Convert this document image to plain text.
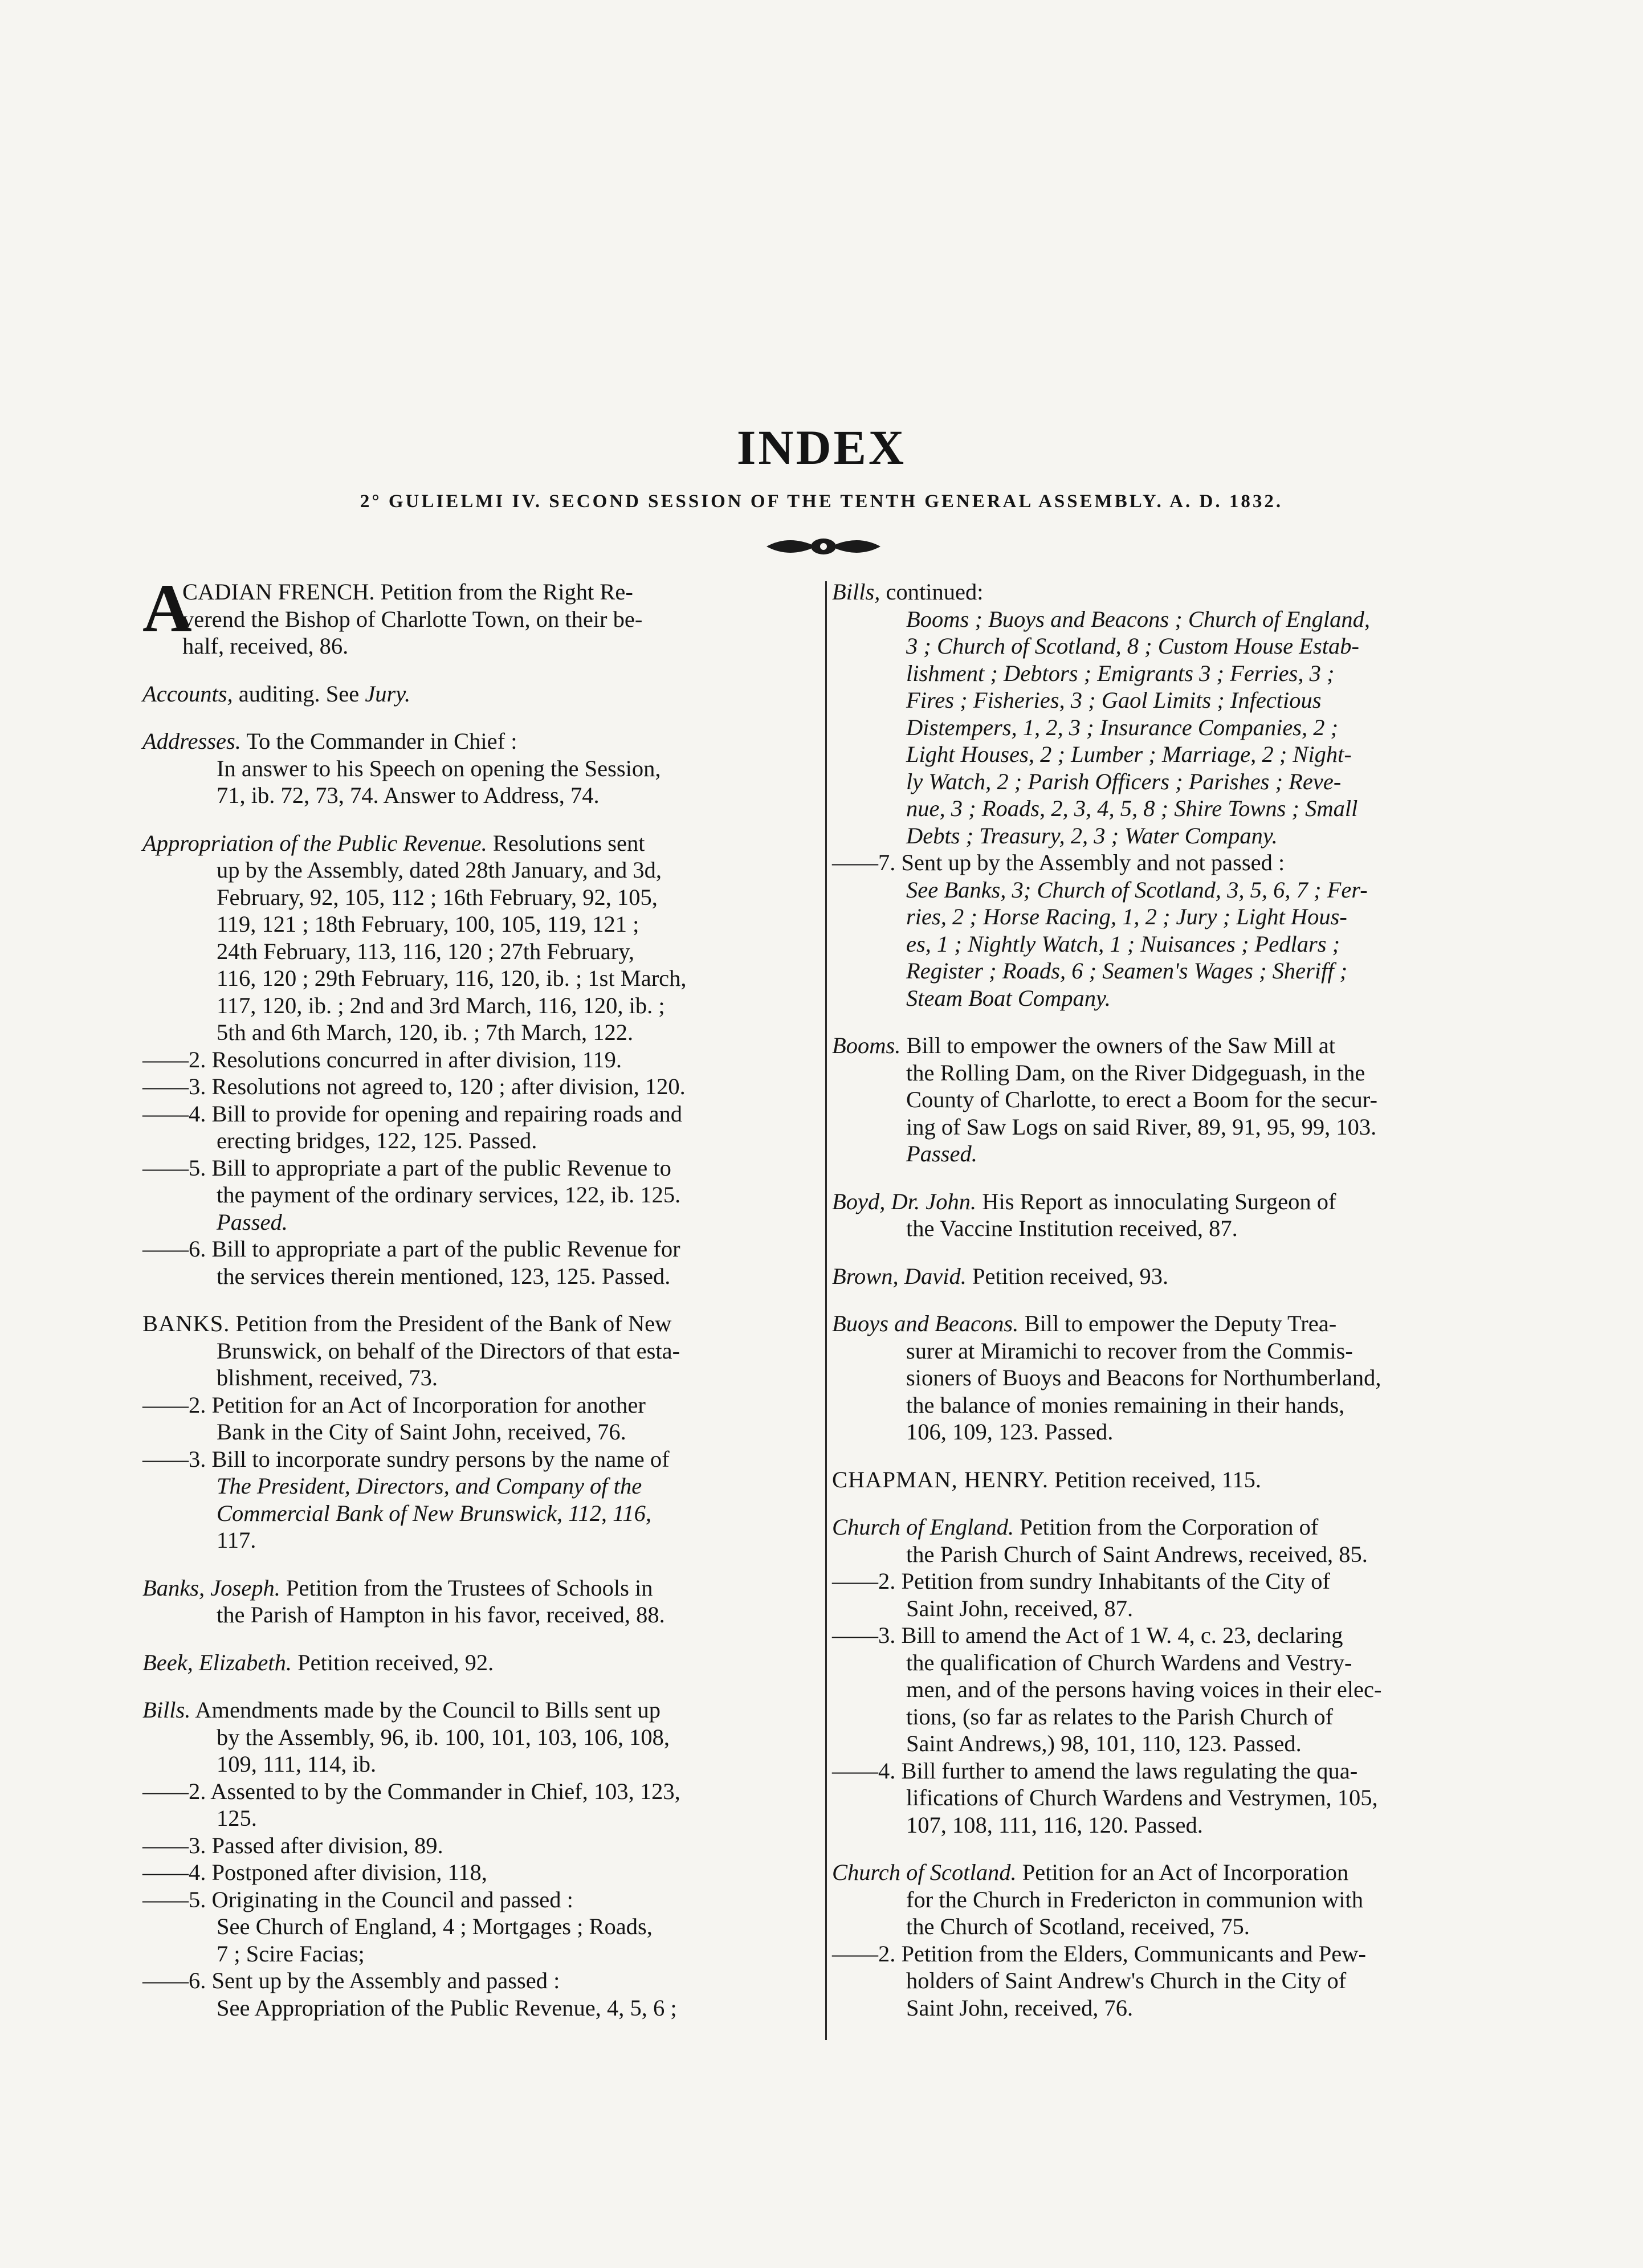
INDEX
2° GULIELMI IV. SECOND SESSION OF THE TENTH GENERAL ASSEMBLY. A. D. 1832.
A
CADIAN FRENCH. Petition from the Right Re-
verend the Bishop of Charlotte Town, on their be-
half, received, 86.
Accounts, auditing. See Jury.
Addresses. To the Commander in Chief :
In answer to his Speech on opening the Session,
71, ib. 72, 73, 74. Answer to Address, 74.
Appropriation of the Public Revenue. Resolutions sent
up by the Assembly, dated 28th January, and 3d,
February, 92, 105, 112 ; 16th February, 92, 105,
119, 121 ; 18th February, 100, 105, 119, 121 ;
24th February, 113, 116, 120 ; 27th February,
116, 120 ; 29th February, 116, 120, ib. ; 1st March,
117, 120, ib. ; 2nd and 3rd March, 116, 120, ib. ;
5th and 6th March, 120, ib. ; 7th March, 122.
——2. Resolutions concurred in after division, 119.
——3. Resolutions not agreed to, 120 ; after division, 120.
——4. Bill to provide for opening and repairing roads and
erecting bridges, 122, 125. Passed.
——5. Bill to appropriate a part of the public Revenue to
the payment of the ordinary services, 122, ib. 125.
Passed.
——6. Bill to appropriate a part of the public Revenue for
the services therein mentioned, 123, 125. Passed.
BANKS. Petition from the President of the Bank of New
Brunswick, on behalf of the Directors of that esta-
blishment, received, 73.
——2. Petition for an Act of Incorporation for another
Bank in the City of Saint John, received, 76.
——3. Bill to incorporate sundry persons by the name of
The President, Directors, and Company of the
Commercial Bank of New Brunswick, 112, 116,
117.
Banks, Joseph. Petition from the Trustees of Schools in
the Parish of Hampton in his favor, received, 88.
Beek, Elizabeth. Petition received, 92.
Bills. Amendments made by the Council to Bills sent up
by the Assembly, 96, ib. 100, 101, 103, 106, 108,
109, 111, 114, ib.
——2. Assented to by the Commander in Chief, 103, 123,
125.
——3. Passed after division, 89.
——4. Postponed after division, 118,
——5. Originating in the Council and passed :
See Church of England, 4 ; Mortgages ; Roads,
7 ; Scire Facias;
——6. Sent up by the Assembly and passed :
See Appropriation of the Public Revenue, 4, 5, 6 ;
Bills, continued:
Booms ; Buoys and Beacons ; Church of England,
3 ; Church of Scotland, 8 ; Custom House Estab-
lishment ; Debtors ; Emigrants 3 ; Ferries, 3 ;
Fires ; Fisheries, 3 ; Gaol Limits ; Infectious
Distempers, 1, 2, 3 ; Insurance Companies, 2 ;
Light Houses, 2 ; Lumber ; Marriage, 2 ; Night-
ly Watch, 2 ; Parish Officers ; Parishes ; Reve-
nue, 3 ; Roads, 2, 3, 4, 5, 8 ; Shire Towns ; Small
Debts ; Treasury, 2, 3 ; Water Company.
——7. Sent up by the Assembly and not passed :
See Banks, 3; Church of Scotland, 3, 5, 6, 7 ; Fer-
ries, 2 ; Horse Racing, 1, 2 ; Jury ; Light Hous-
es, 1 ; Nightly Watch, 1 ; Nuisances ; Pedlars ;
Register ; Roads, 6 ; Seamen's Wages ; Sheriff ;
Steam Boat Company.
Booms. Bill to empower the owners of the Saw Mill at
the Rolling Dam, on the River Didgeguash, in the
County of Charlotte, to erect a Boom for the secur-
ing of Saw Logs on said River, 89, 91, 95, 99, 103.
Passed.
Boyd, Dr. John. His Report as innoculating Surgeon of
the Vaccine Institution received, 87.
Brown, David. Petition received, 93.
Buoys and Beacons. Bill to empower the Deputy Trea-
surer at Miramichi to recover from the Commis-
sioners of Buoys and Beacons for Northumberland,
the balance of monies remaining in their hands,
106, 109, 123. Passed.
CHAPMAN, HENRY. Petition received, 115.
Church of England. Petition from the Corporation of
the Parish Church of Saint Andrews, received, 85.
——2. Petition from sundry Inhabitants of the City of
Saint John, received, 87.
——3. Bill to amend the Act of 1 W. 4, c. 23, declaring
the qualification of Church Wardens and Vestry-
men, and of the persons having voices in their elec-
tions, (so far as relates to the Parish Church of
Saint Andrews,) 98, 101, 110, 123. Passed.
——4. Bill further to amend the laws regulating the qua-
lifications of Church Wardens and Vestrymen, 105,
107, 108, 111, 116, 120. Passed.
Church of Scotland. Petition for an Act of Incorporation
for the Church in Fredericton in communion with
the Church of Scotland, received, 75.
——2. Petition from the Elders, Communicants and Pew-
holders of Saint Andrew's Church in the City of
Saint John, received, 76.
